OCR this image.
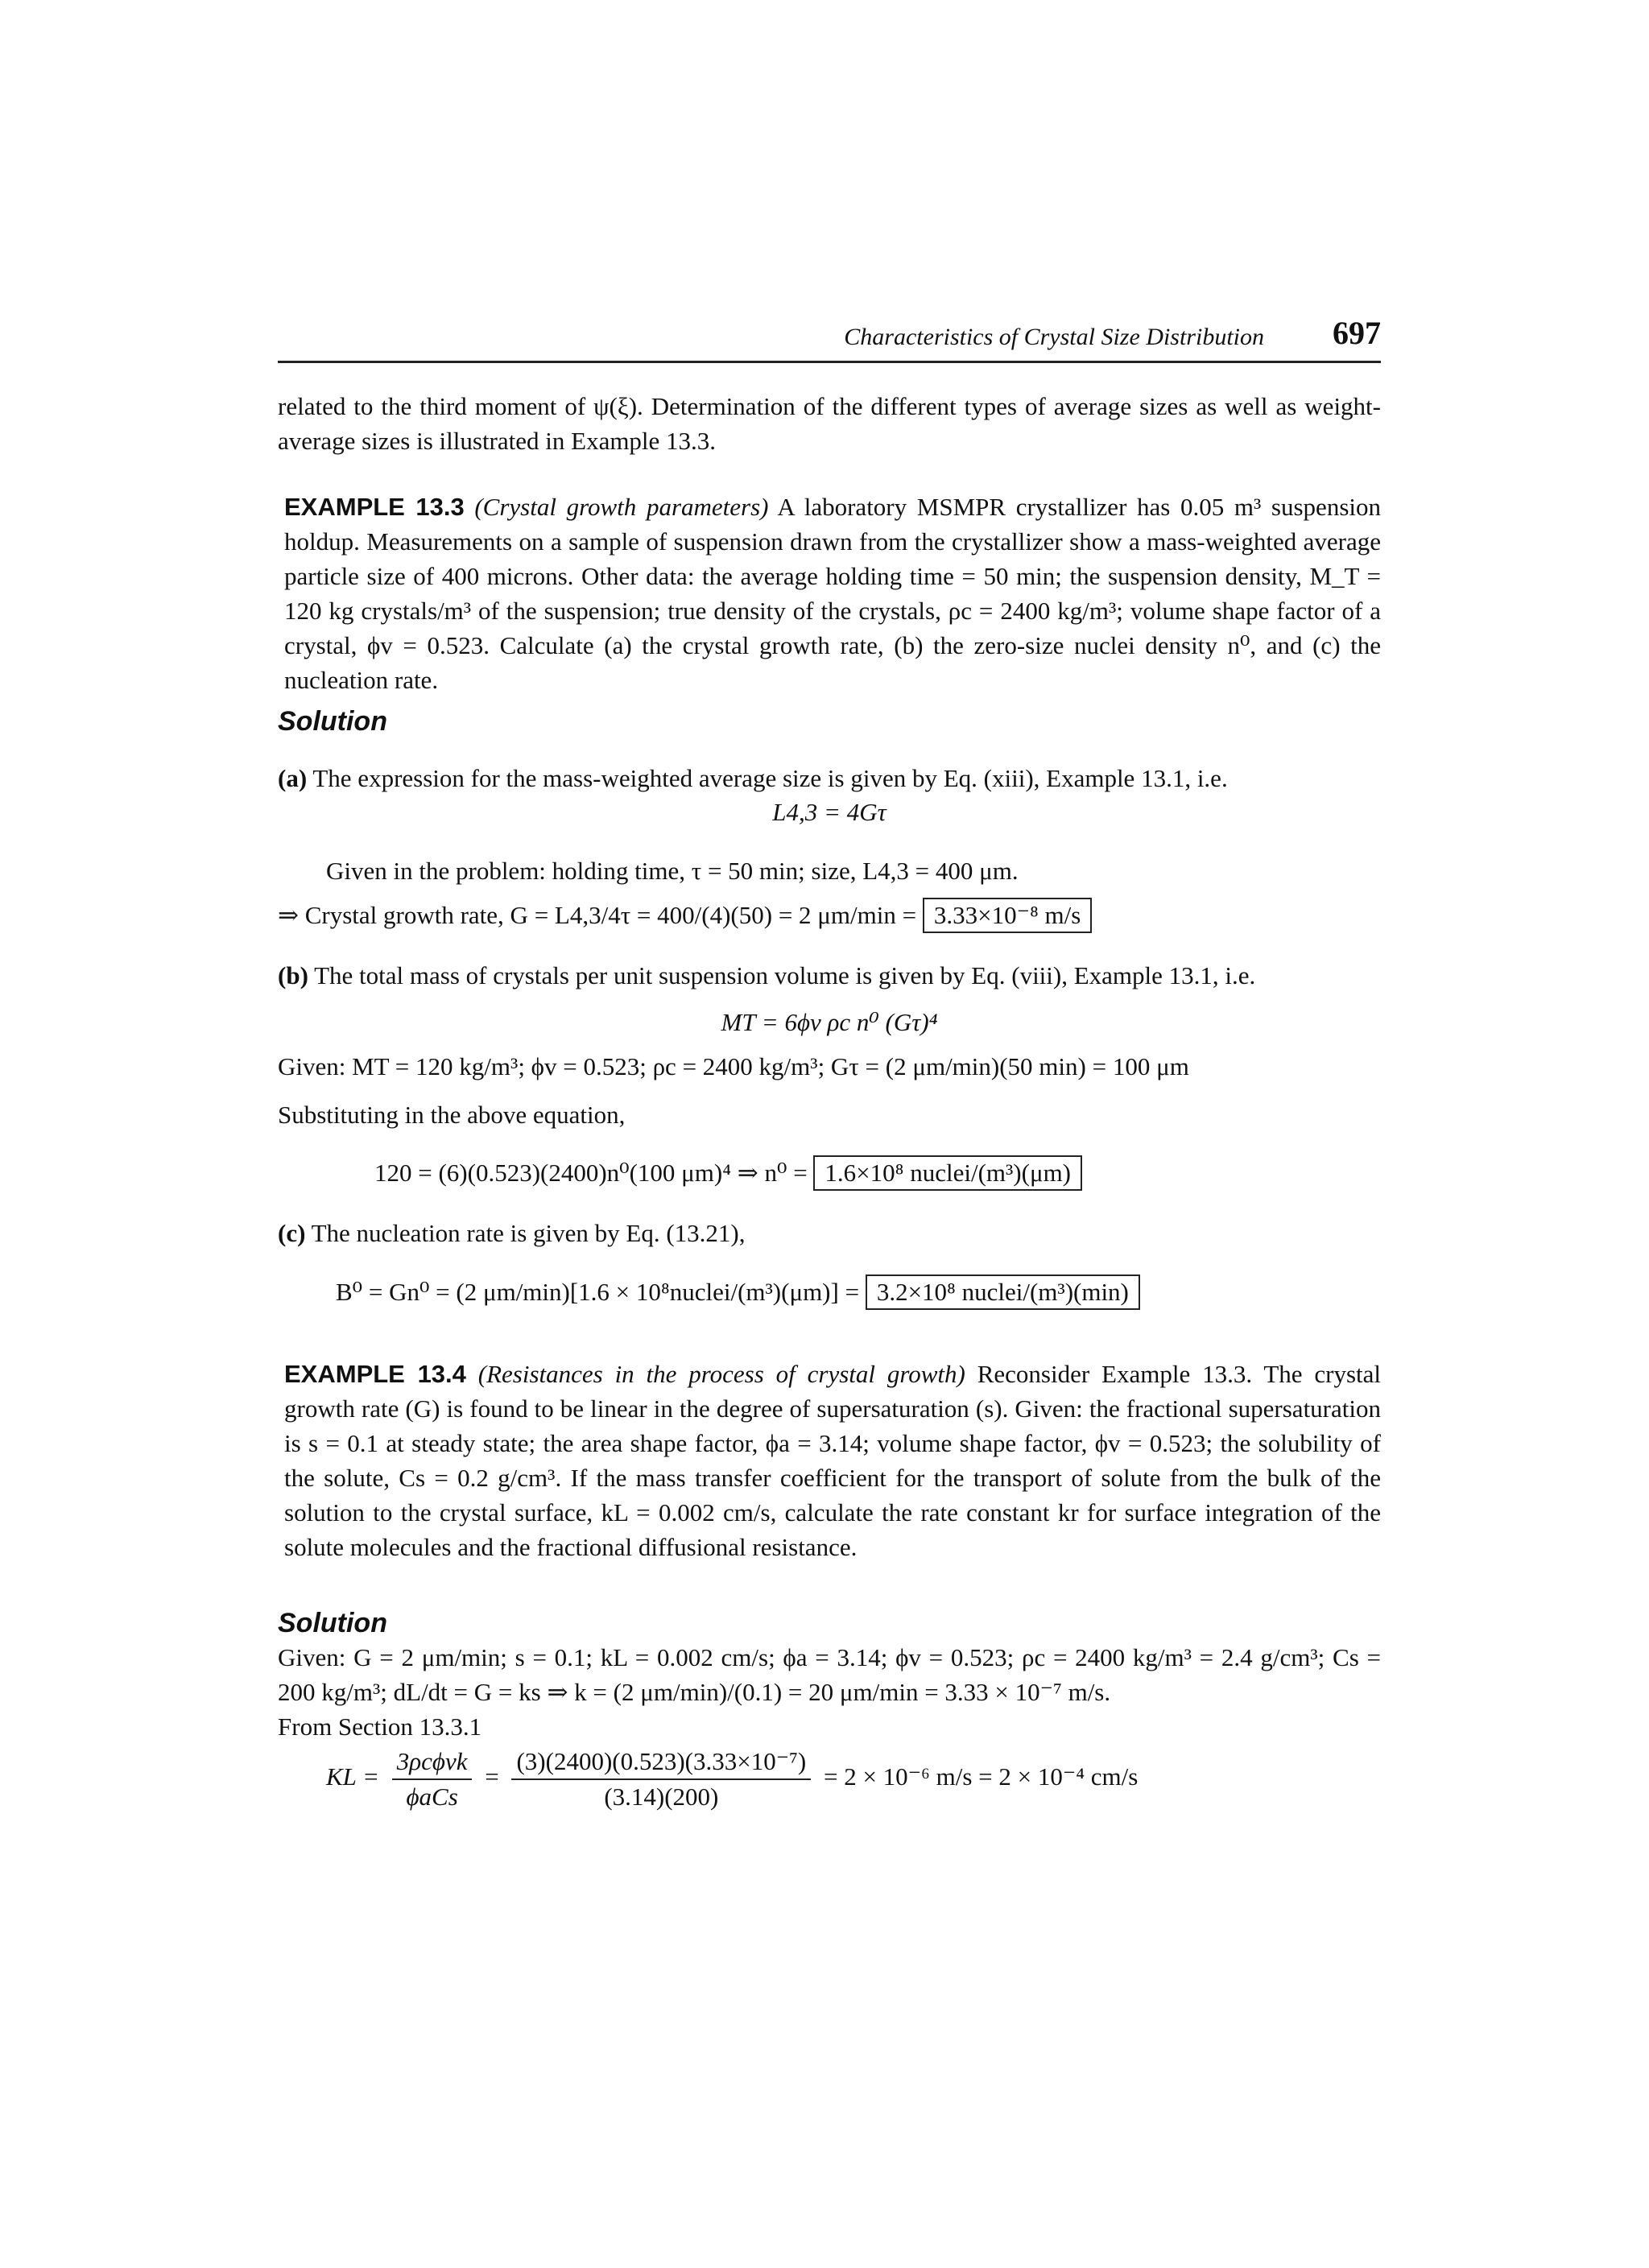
Characteristics of Crystal Size Distribution 697
related to the third moment of ψ(ξ). Determination of the different types of average sizes as well as weight-average sizes is illustrated in Example 13.3.
EXAMPLE 13.3 (Crystal growth parameters) A laboratory MSMPR crystallizer has 0.05 m³ suspension holdup. Measurements on a sample of suspension drawn from the crystallizer show a mass-weighted average particle size of 400 microns. Other data: the average holding time = 50 min; the suspension density, M_T = 120 kg crystals/m³ of the suspension; true density of the crystals, ρc = 2400 kg/m³; volume shape factor of a crystal, ϕv = 0.523. Calculate (a) the crystal growth rate, (b) the zero-size nuclei density n⁰, and (c) the nucleation rate.
Solution
(a) The expression for the mass-weighted average size is given by Eq. (xiii), Example 13.1, i.e.
L4,3 = 4Gτ
Given in the problem: holding time, τ = 50 min; size, L4,3 = 400 μm.
⇒ Crystal growth rate, G = L4,3/4τ = 400/(4)(50) = 2 μm/min = 3.33×10⁻⁸ m/s
(b) The total mass of crystals per unit suspension volume is given by Eq. (viii), Example 13.1, i.e.
MT = 6ϕv ρc n⁰ (Gτ)⁴
Given: MT = 120 kg/m³; ϕv = 0.523; ρc = 2400 kg/m³; Gτ = (2 μm/min)(50 min) = 100 μm
Substituting in the above equation,
120 = (6)(0.523)(2400)n⁰(100 μm)⁴ ⇒ n⁰ = 1.6×10⁸ nuclei/(m³)(μm)
(c) The nucleation rate is given by Eq. (13.21),
B⁰ = Gn⁰ = (2 μm/min)[1.6 × 10⁸nuclei/(m³)(μm)] = 3.2×10⁸ nuclei/(m³)(min)
EXAMPLE 13.4 (Resistances in the process of crystal growth) Reconsider Example 13.3. The crystal growth rate (G) is found to be linear in the degree of supersaturation (s). Given: the fractional supersaturation is s = 0.1 at steady state; the area shape factor, ϕa = 3.14; volume shape factor, ϕv = 0.523; the solubility of the solute, Cs = 0.2 g/cm³. If the mass transfer coefficient for the transport of solute from the bulk of the solution to the crystal surface, kL = 0.002 cm/s, calculate the rate constant kr for surface integration of the solute molecules and the fractional diffusional resistance.
Solution
Given: G = 2 μm/min; s = 0.1; kL = 0.002 cm/s; ϕa = 3.14; ϕv = 0.523; ρc = 2400 kg/m³ = 2.4 g/cm³; Cs = 200 kg/m³; dL/dt = G = ks ⇒ k = (2 μm/min)/(0.1) = 20 μm/min = 3.33 × 10⁻⁷ m/s.
From Section 13.3.1
KL = $\frac{\text{3ρcϕvk}}{\text{ϕaCs}} = \frac{\text{(3)(2400)(0.523)(3.33×10⁻⁷)}}{(3.14)(200)} = 2 \times 10^{-6}$ m/s = 2 × 10⁻⁴ cm/s
